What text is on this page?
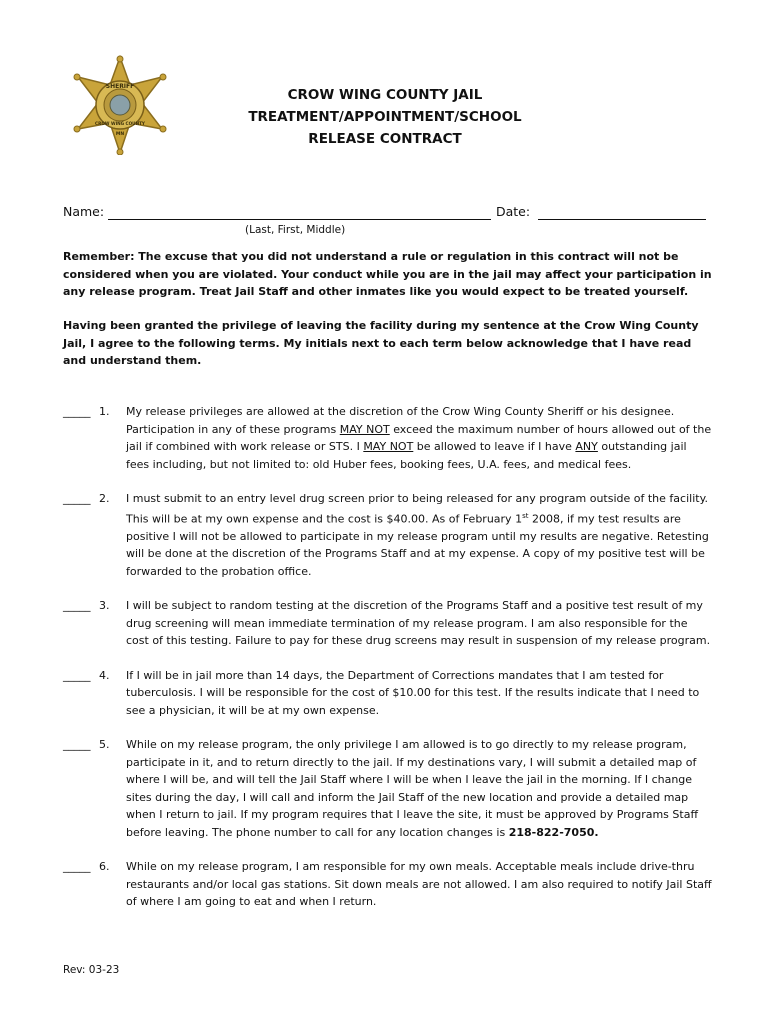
SHERIFF
CROW WING COUNTY
MN
CROW WING COUNTY JAIL
TREATMENT/APPOINTMENT/SCHOOL
RELEASE CONTRACT
Name:	Date:
(Last, First, Middle)
Remember: The excuse that you did not understand a rule or regulation in this contract will not be considered when you are violated. Your conduct while you are in the jail may affect your participation in any release program. Treat Jail Staff and other inmates like you would expect to be treated yourself.
Having been granted the privilege of leaving the facility during my sentence at the Crow Wing County Jail, I agree to the following terms. My initials next to each term below acknowledge that I have read and understand them.
_____ 1. My release privileges are allowed at the discretion of the Crow Wing County Sheriff or his designee. Participation in any of these programs MAY NOT exceed the maximum number of hours allowed out of the jail if combined with work release or STS. I MAY NOT be allowed to leave if I have ANY outstanding jail fees including, but not limited to: old Huber fees, booking fees, U.A. fees, and medical fees.
_____ 2. I must submit to an entry level drug screen prior to being released for any program outside of the facility. This will be at my own expense and the cost is $40.00. As of February 1st 2008, if my test results are positive I will not be allowed to participate in my release program until my results are negative. Retesting will be done at the discretion of the Programs Staff and at my expense. A copy of my positive test will be forwarded to the probation office.
_____ 3. I will be subject to random testing at the discretion of the Programs Staff and a positive test result of my drug screening will mean immediate termination of my release program. I am also responsible for the cost of this testing. Failure to pay for these drug screens may result in suspension of my release program.
_____ 4. If I will be in jail more than 14 days, the Department of Corrections mandates that I am tested for tuberculosis. I will be responsible for the cost of $10.00 for this test. If the results indicate that I need to see a physician, it will be at my own expense.
_____ 5. While on my release program, the only privilege I am allowed is to go directly to my release program, participate in it, and to return directly to the jail. If my destinations vary, I will submit a detailed map of where I will be, and will tell the Jail Staff where I will be when I leave the jail in the morning. If I change sites during the day, I will call and inform the Jail Staff of the new location and provide a detailed map when I return to jail. If my program requires that I leave the site, it must be approved by Programs Staff before leaving. The phone number to call for any location changes is 218-822-7050.
_____ 6. While on my release program, I am responsible for my own meals. Acceptable meals include drive-thru restaurants and/or local gas stations. Sit down meals are not allowed. I am also required to notify Jail Staff of where I am going to eat and when I return.
Rev: 03-23
